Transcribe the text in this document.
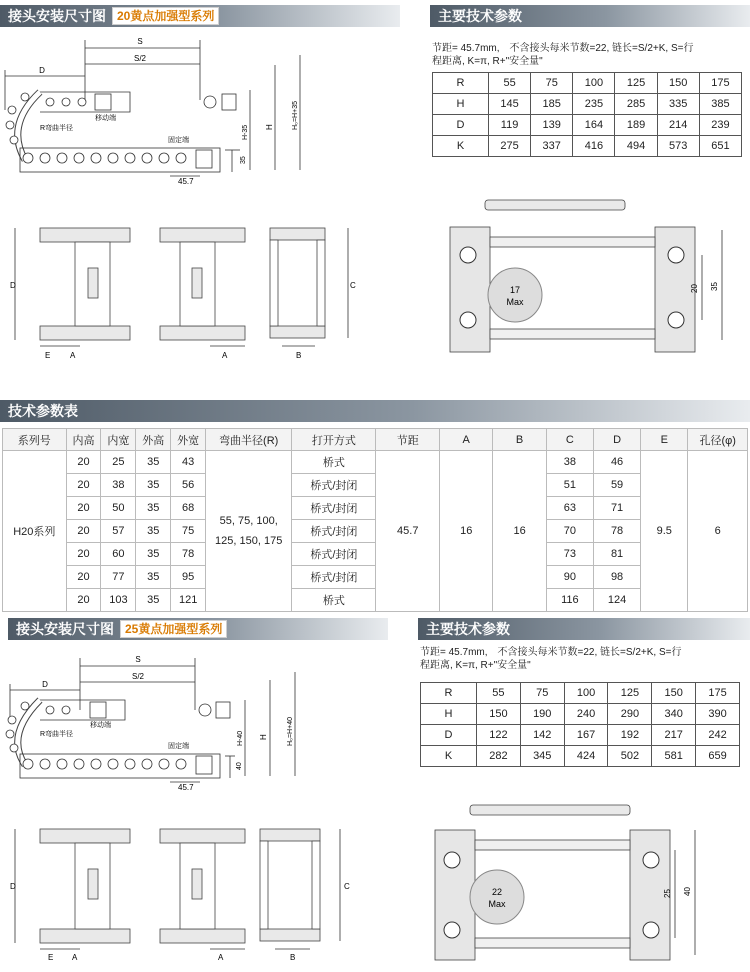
接头安装尺寸图 20黄点加强型系列	主要技术参数
S
S/2
D
R弯曲半径
移动端
固定端
45.7
35
H
H-35
H₀=H+35
节距= 45.7mm,　不含接头每米节数=22, 链长=S/2+K, S=行
程距离, K=π, R+"安全量"
R	55	75	100	125	150	175
H	145	185	235	285	335	385
D	119	139	164	189	214	239
K	275	337	416	494	573	651
D
E A	A	B
C	17
Max
20 35
技术参数表
系列号	内高	内宽	外高	外宽	弯曲半径(R)	打开方式	节距	A	B	C	D	E	孔径(φ)
H20系列	20	25	35	43	55, 75, 100,
125, 150, 175	桥式	45.7	16	16	38	46	9.5	6
	20	38	35	56		桥式/封闭				51	59		
	20	50	35	68		桥式/封闭				63	71		
	20	57	35	75		桥式/封闭				70	78		
	20	60	35	78		桥式/封闭				73	81		
	20	77	35	95		桥式/封闭				90	98		
	20	103	35	121		桥式				116	124		
接头安装尺寸图 25黄点加强型系列	主要技术参数
S
S/2
D
R弯曲半径
移动端
固定端
45.7
40
H
H-40	H₀=H+40
节距= 45.7mm,　不含接头每米节数=22, 链长=S/2+K, S=行
程距离, K=π, R+"安全量"
R	55	75	100	125	150	175
H	150	190	240	290	340	390
D	122	142	167	192	217	242
K	282	345	424	502	581	659
D
E A	A	B
C
22
Max
25 40
